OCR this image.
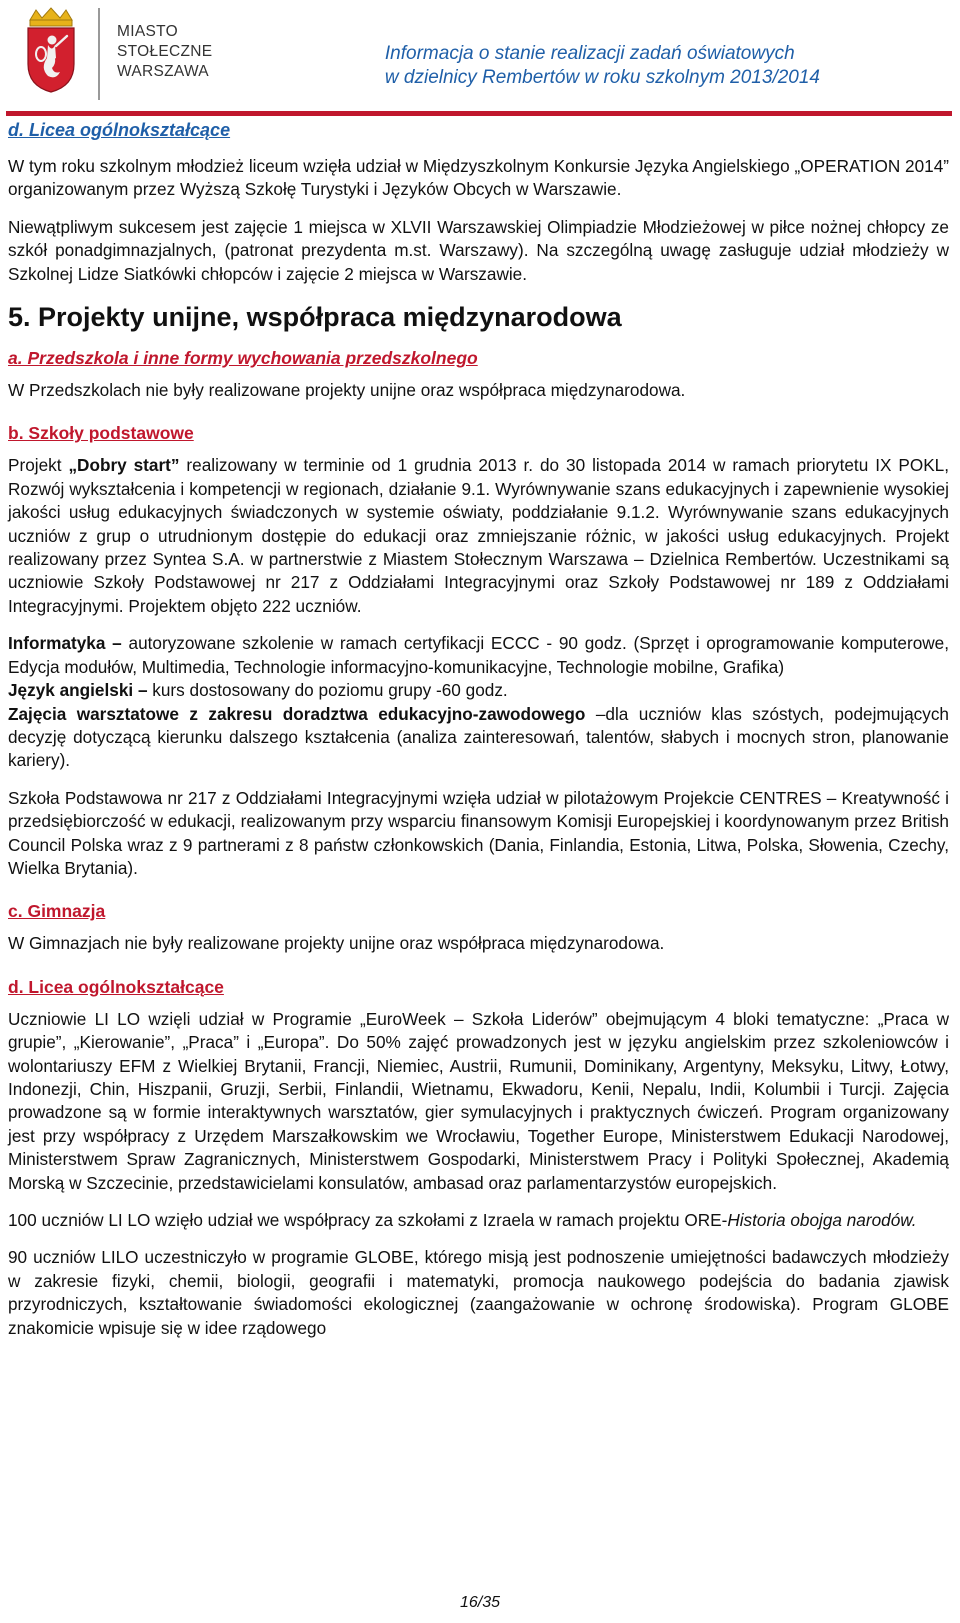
MIASTO
STOŁECZNE
WARSZAWA
Informacja o stanie realizacji zadań oświatowych
w dzielnicy Rembertów w roku szkolnym 2013/2014
d. Licea ogólnokształcące

W tym roku szkolnym młodzież liceum wzięła udział w Międzyszkolnym Konkursie Języka Angielskiego „OPERATION 2014” organizowanym przez Wyższą Szkołę Turystyki i Języków Obcych w Warszawie.

Niewątpliwym sukcesem jest zajęcie 1 miejsca w XLVII Warszawskiej Olimpiadzie Młodzieżowej w piłce nożnej chłopcy ze szkół ponadgimnazjalnych, (patronat prezydenta m.st. Warszawy). Na szczególną uwagę zasługuje udział młodzieży w Szkolnej Lidze Siatkówki chłopców i zajęcie 2 miejsca w Warszawie.

5. Projekty unijne, współpraca międzynarodowa
a. Przedszkola i inne formy wychowania przedszkolnego

W Przedszkolach nie były realizowane projekty unijne oraz współpraca międzynarodowa.

b. Szkoły podstawowe

Projekt „Dobry start” realizowany w terminie od 1 grudnia 2013 r. do 30 listopada 2014 w ramach priorytetu IX POKL, Rozwój wykształcenia i kompetencji w regionach, działanie 9.1. Wyrównywanie szans edukacyjnych i zapewnienie wysokiej jakości usług edukacyjnych świadczonych w systemie oświaty, poddziałanie 9.1.2. Wyrównywanie szans edukacyjnych uczniów z grup o utrudnionym dostępie do edukacji oraz zmniejszanie różnic, w jakości usług edukacyjnych. Projekt realizowany przez Syntea S.A. w partnerstwie z Miastem Stołecznym Warszawa – Dzielnica Rembertów. Uczestnikami są uczniowie Szkoły Podstawowej nr 217 z Oddziałami Integracyjnymi oraz Szkoły Podstawowej nr 189 z Oddziałami Integracyjnymi. Projektem objęto 222 uczniów.

Informatyka – autoryzowane szkolenie w ramach certyfikacji ECCC - 90 godz. (Sprzęt i oprogramowanie komputerowe, Edycja modułów, Multimedia, Technologie informacyjno-komunikacyjne, Technologie mobilne, Grafika)

Język angielski – kurs dostosowany do poziomu grupy -60 godz.

Zajęcia warsztatowe z zakresu doradztwa edukacyjno-zawodowego –dla uczniów klas szóstych, podejmujących decyzję dotyczącą kierunku dalszego kształcenia (analiza zainteresowań, talentów, słabych i mocnych stron, planowanie kariery).

Szkoła Podstawowa nr 217 z Oddziałami Integracyjnymi wzięła udział w pilotażowym Projekcie CENTRES – Kreatywność i przedsiębiorczość w edukacji, realizowanym przy wsparciu finansowym Komisji Europejskiej i koordynowanym przez British Council Polska wraz z 9 partnerami z 8 państw członkowskich (Dania, Finlandia, Estonia, Litwa, Polska, Słowenia, Czechy, Wielka Brytania).

c. Gimnazja

W Gimnazjach nie były realizowane projekty unijne oraz współpraca międzynarodowa.

d. Licea ogólnokształcące

Uczniowie LI LO wzięli udział w Programie „EuroWeek – Szkoła Liderów” obejmującym 4 bloki tematyczne: „Praca w grupie”, „Kierowanie”, „Praca” i „Europa”. Do 50% zajęć prowadzonych jest w języku angielskim przez szkoleniowców i wolontariuszy EFM z Wielkiej Brytanii, Francji, Niemiec, Austrii, Rumunii, Dominikany, Argentyny, Meksyku, Litwy, Łotwy, Indonezji, Chin, Hiszpanii, Gruzji, Serbii, Finlandii, Wietnamu, Ekwadoru, Kenii, Nepalu, Indii, Kolumbii i Turcji. Zajęcia prowadzone są w formie interaktywnych warsztatów, gier symulacyjnych i praktycznych ćwiczeń. Program organizowany jest przy współpracy z Urzędem Marszałkowskim we Wrocławiu, Together Europe, Ministerstwem Edukacji Narodowej, Ministerstwem Spraw Zagranicznych, Ministerstwem Gospodarki, Ministerstwem Pracy i Polityki Społecznej, Akademią Morską w Szczecinie, przedstawicielami konsulatów, ambasad oraz parlamentarzystów europejskich.

100 uczniów LI LO wzięło udział we współpracy za szkołami z Izraela w ramach projektu ORE-Historia obojga narodów.

90 uczniów LILO uczestniczyło w programie GLOBE, którego misją jest podnoszenie umiejętności badawczych młodzieży w zakresie fizyki, chemii, biologii, geografii i matematyki, promocja naukowego podejścia do badania zjawisk przyrodniczych, kształtowanie świadomości ekologicznej (zaangażowanie w ochronę środowiska). Program GLOBE znakomicie wpisuje się w idee rządowego

16/35
